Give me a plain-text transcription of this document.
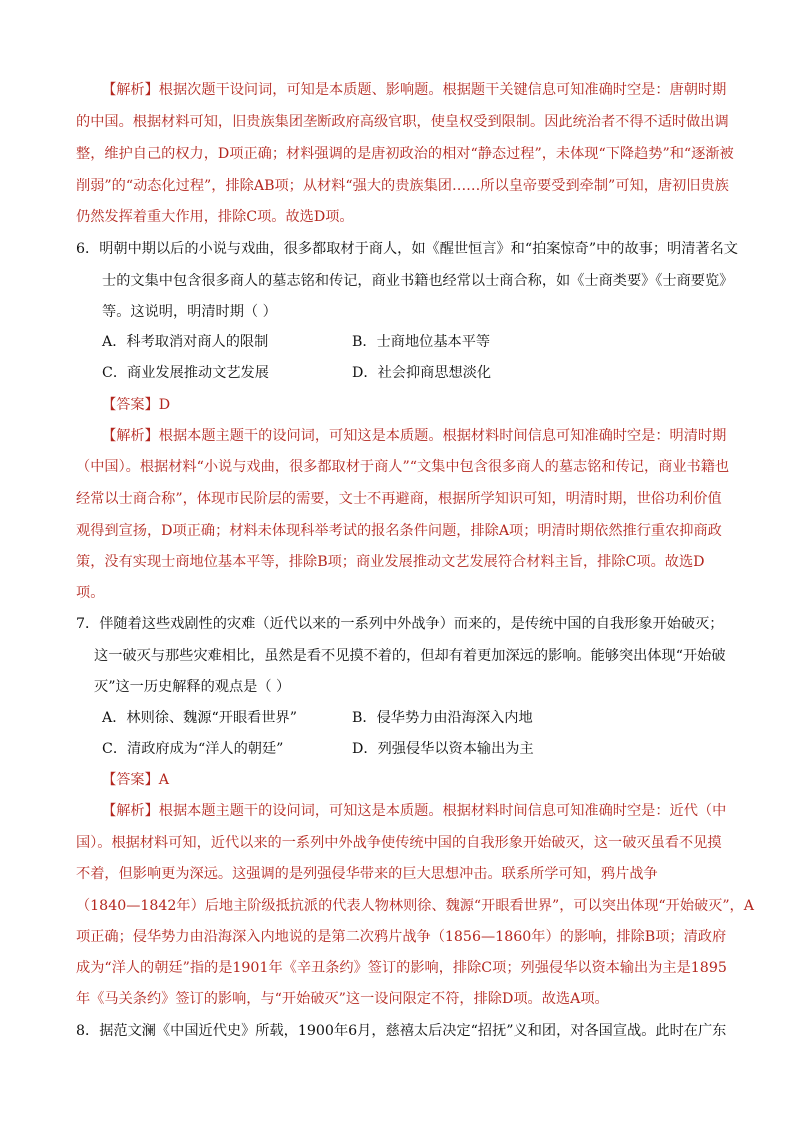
【解析】根据次题干设问词，可知是本质题、影响题。根据题干关键信息可知准确时空是：唐朝时期
的中国。根据材料可知，旧贵族集团垄断政府高级官职，使皇权受到限制。因此统治者不得不适时做出调
整，维护自己的权力，D项正确；材料强调的是唐初政治的相对“静态过程”，未体现“下降趋势”和“逐渐被
削弱”的“动态化过程”，排除AB项；从材料“强大的贵族集团……所以皇帝要受到牵制”可知，唐初旧贵族
仍然发挥着重大作用，排除C项。故选D项。
6．明朝中期以后的小说与戏曲，很多都取材于商人，如《醒世恒言》和“拍案惊奇”中的故事；明清著名文
士的文集中包含很多商人的墓志铭和传记，商业书籍也经常以士商合称，如《士商类要》《士商要览》
等。这说明，明清时期（ ）
A．科考取消对商人的限制	B．士商地位基本平等
C．商业发展推动文艺发展	D．社会抑商思想淡化
【答案】D
【解析】根据本题主题干的设问词，可知这是本质题。根据材料时间信息可知准确时空是：明清时期
（中国）。根据材料“小说与戏曲，很多都取材于商人”“文集中包含很多商人的墓志铭和传记，商业书籍也
经常以士商合称”，体现市民阶层的需要，文士不再避商，根据所学知识可知，明清时期，世俗功利价值
观得到宣扬，D项正确；材料未体现科举考试的报名条件问题，排除A项；明清时期依然推行重农抑商政
策，没有实现士商地位基本平等，排除B项；商业发展推动文艺发展符合材料主旨，排除C项。故选D
项。
7．伴随着这些戏剧性的灾难（近代以来的一系列中外战争）而来的，是传统中国的自我形象开始破灭；
这一破灭与那些灾难相比，虽然是看不见摸不着的，但却有着更加深远的影响。能够突出体现“开始破
灭”这一历史解释的观点是（ ）
A．林则徐、魏源“开眼看世界”	B．侵华势力由沿海深入内地
C．清政府成为“洋人的朝廷”	D．列强侵华以资本输出为主
【答案】A
【解析】根据本题主题干的设问词，可知这是本质题。根据材料时间信息可知准确时空是：近代（中
国）。根据材料可知，近代以来的一系列中外战争使传统中国的自我形象开始破灭，这一破灭虽看不见摸
不着，但影响更为深远。这强调的是列强侵华带来的巨大思想冲击。联系所学可知，鸦片战争
（1840—1842年）后地主阶级抵抗派的代表人物林则徐、魏源“开眼看世界”，可以突出体现“开始破灭”，A
项正确；侵华势力由沿海深入内地说的是第二次鸦片战争（1856—1860年）的影响，排除B项；清政府
成为“洋人的朝廷”指的是1901年《辛丑条约》签订的影响，排除C项；列强侵华以资本输出为主是1895
年《马关条约》签订的影响，与“开始破灭”这一设问限定不符，排除D项。故选A项。
8．据范文澜《中国近代史》所载，1900年6月，慈禧太后决定“招抚”义和团，对各国宣战。此时在广东
